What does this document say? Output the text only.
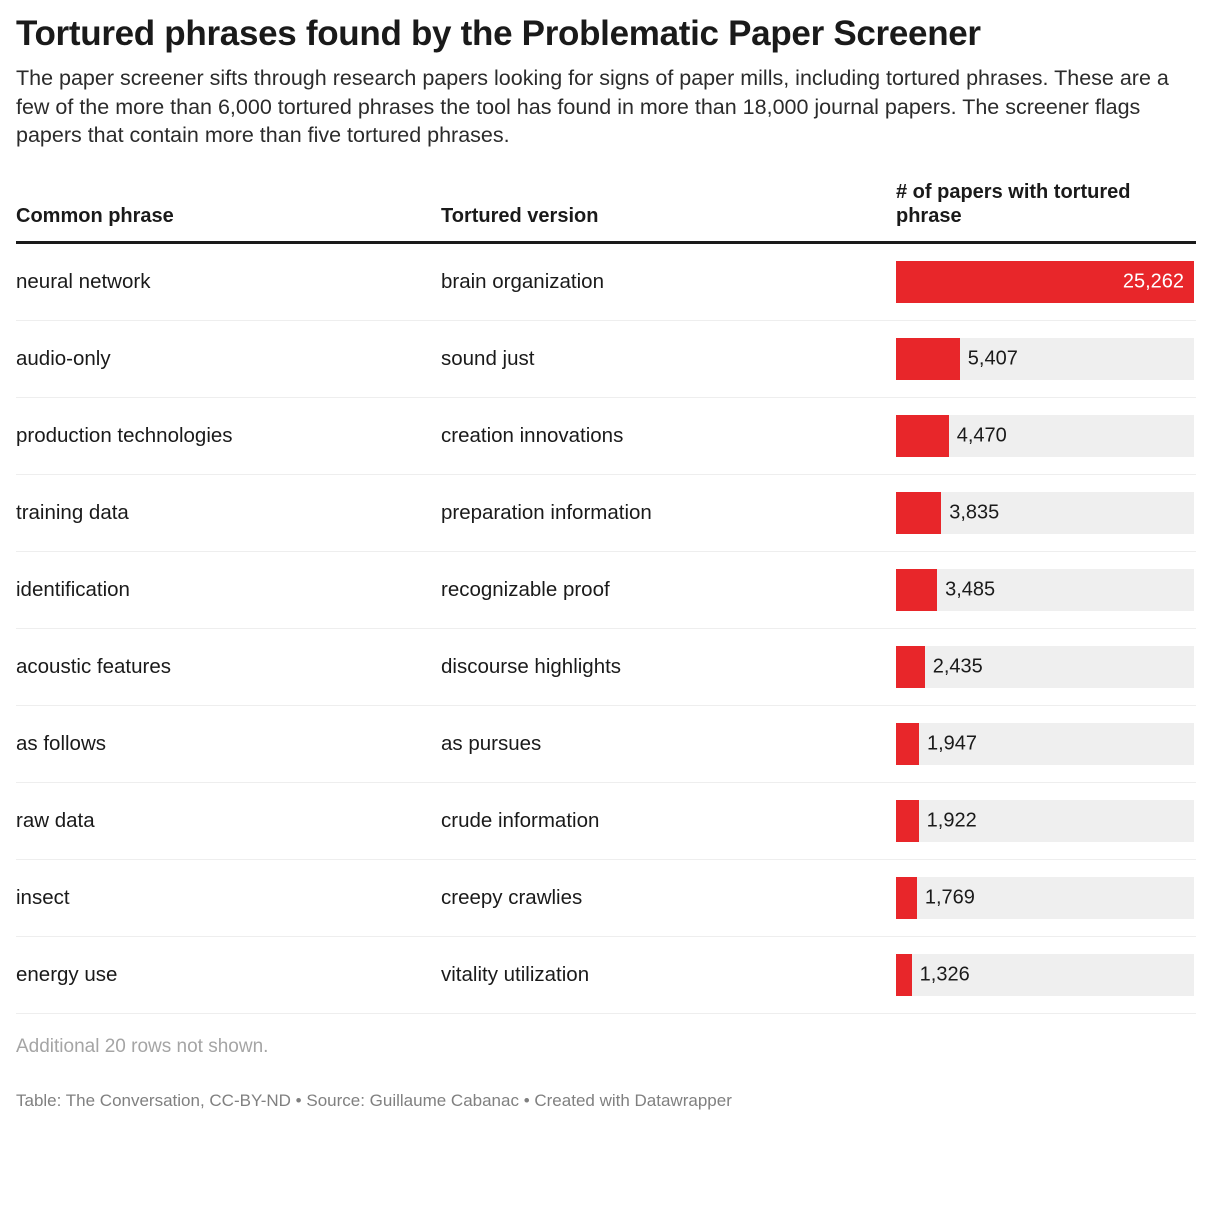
Tortured phrases found by the Problematic Paper Screener

The paper screener sifts through research papers looking for signs of paper mills, including tortured phrases. These are a few of the more than 6,000 tortured phrases the tool has found in more than 18,000 journal papers. The screener flags papers that contain more than five tortured phrases.

Common phrase	Tortured version	# of papers with tortured phrase
neural network	brain organization	25,262

audio-only	sound just	5,407

production technologies	creation innovations	4,470

training data	preparation information	3,835

identification	recognizable proof	3,485

acoustic features	discourse highlights	2,435

as follows	as pursues	1,947

raw data	crude information	1,922

insect	creepy crawlies	1,769

energy use	vitality utilization	1,326
Additional 20 rows not shown.
Table: The Conversation, CC-BY-ND • Source: Guillaume Cabanac • Created with Datawrapper
